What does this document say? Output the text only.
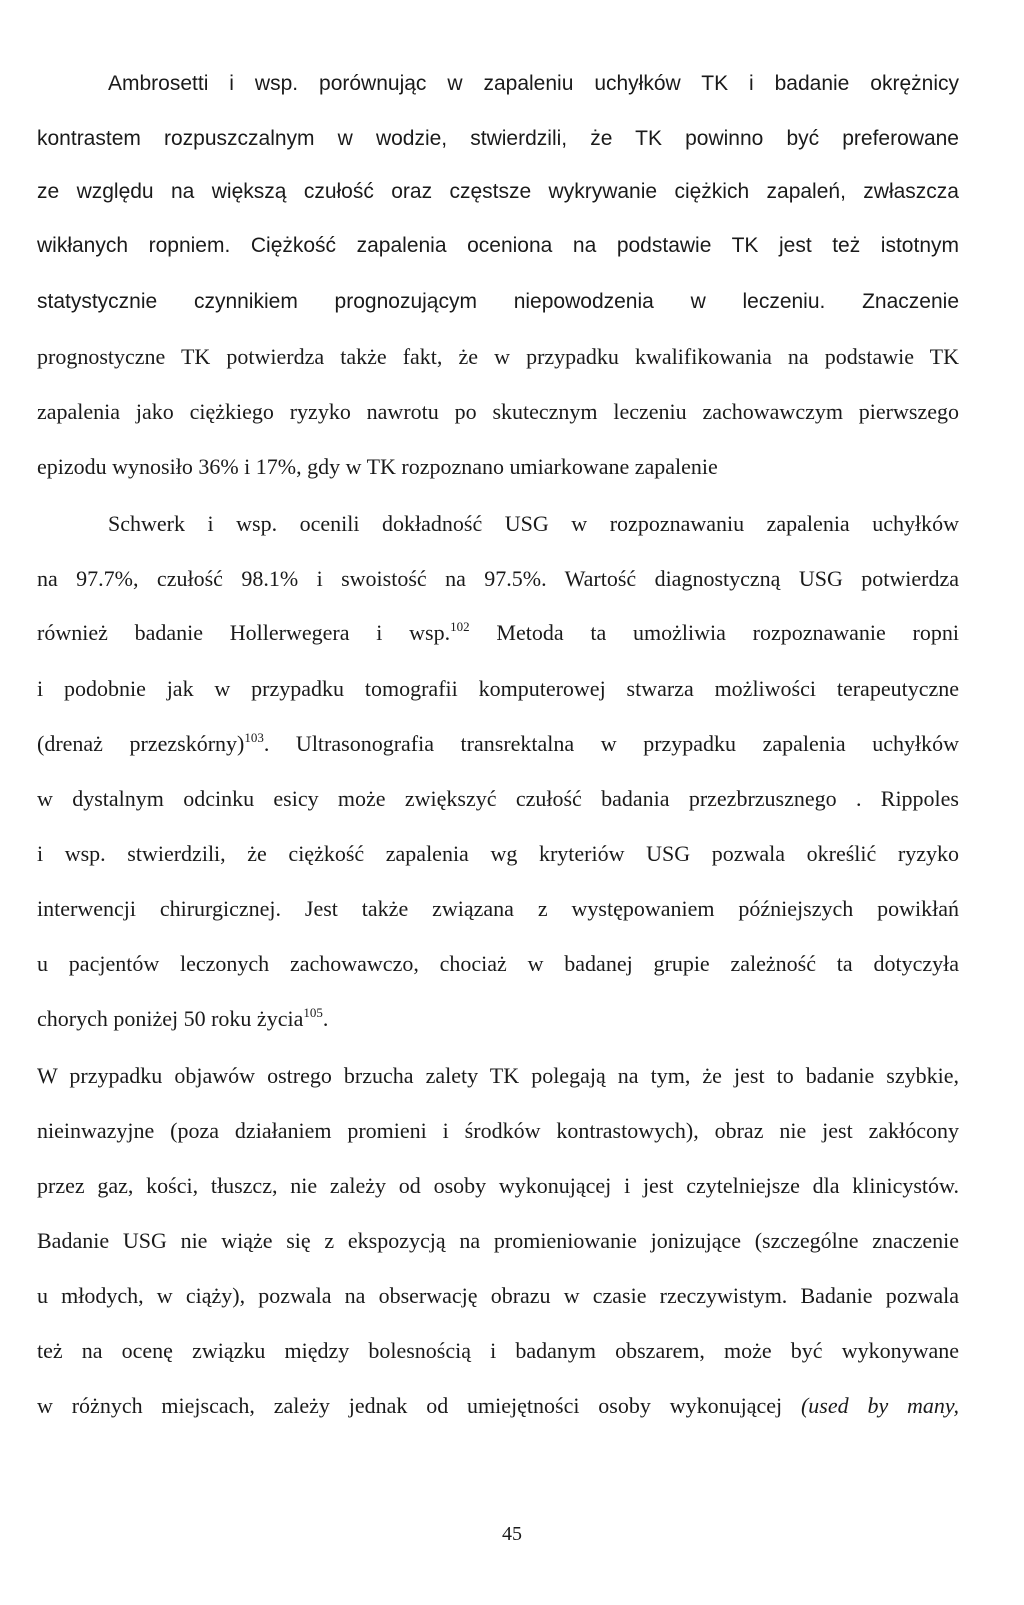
Ambrosetti i wsp. porównując w zapaleniu uchyłków TK i badanie okrężnicy
kontrastem rozpuszczalnym w wodzie, stwierdzili, że TK powinno być preferowane
ze względu na większą czułość oraz częstsze wykrywanie ciężkich zapaleń, zwłaszcza
wikłanych ropniem. Ciężkość zapalenia oceniona na podstawie TK jest też istotnym
statystycznie czynnikiem prognozującym niepowodzenia w leczeniu. Znaczenie
prognostyczne TK potwierdza także fakt, że w przypadku kwalifikowania na podstawie TK
zapalenia jako ciężkiego ryzyko nawrotu po skutecznym leczeniu zachowawczym pierwszego
epizodu wynosiło 36% i 17%, gdy w TK rozpoznano umiarkowane zapalenie
Schwerk i wsp. ocenili dokładność USG w rozpoznawaniu zapalenia uchyłków
na 97.7%, czułość 98.1% i swoistość na 97.5%. Wartość diagnostyczną USG potwierdza
również badanie Hollerwegera i wsp.$^{102}$ Metoda ta umożliwia rozpoznawanie ropni
i podobnie jak w przypadku tomografii komputerowej stwarza możliwości terapeutyczne
(drenaż przezskórny)$^{103}$. Ultrasonografia transrektalna w przypadku zapalenia uchyłków
w dystalnym odcinku esicy może zwiększyć czułość badania przezbrzusznego . Rippoles
i wsp. stwierdzili, że ciężkość zapalenia wg kryteriów USG pozwala określić ryzyko
interwencji chirurgicznej. Jest także związana z występowaniem późniejszych powikłań
u pacjentów leczonych zachowawczo, chociaż w badanej grupie zależność ta dotyczyła
chorych poniżej 50 roku życia$^{105}$.
W przypadku objawów ostrego brzucha zalety TK polegają na tym, że jest to badanie szybkie,
nieinwazyjne (poza działaniem promieni i środków kontrastowych), obraz nie jest zakłócony
przez gaz, kości, tłuszcz, nie zależy od osoby wykonującej i jest czytelniejsze dla klinicystów.
Badanie USG nie wiąże się z ekspozycją na promieniowanie jonizujące (szczególne znaczenie
u młodych, w ciąży), pozwala na obserwację obrazu w czasie rzeczywistym. Badanie pozwala
też na ocenę związku między bolesnością i badanym obszarem, może być wykonywane
w różnych miejscach, zależy jednak od umiejętności osoby wykonującej (used by many,
45
